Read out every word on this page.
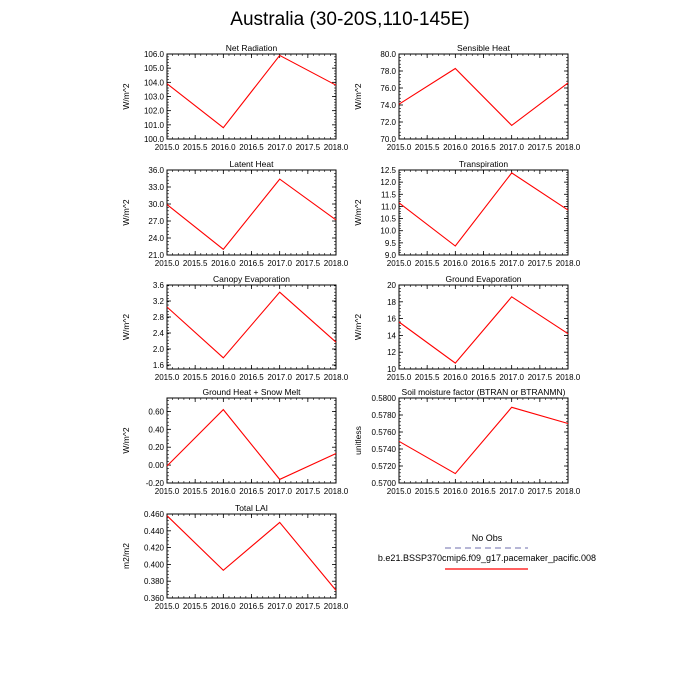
Australia (30-20S,110-145E)
Net Radiation
W/m^2
2015.0 2015.5 2016.0 2016.5 2017.0 2017.5 2018.0
100.0
101.0
102.0
103.0
104.0
105.0
106.0
Sensible Heat
W/m^2
2015.0 2015.5 2016.0 2016.5 2017.0 2017.5 2018.0
70.0
72.0
74.0
76.0
78.0
80.0
Latent Heat
W/m^2
2015.0 2015.5 2016.0 2016.5 2017.0 2017.5 2018.0
21.0
24.0
27.0
30.0
33.0
36.0
Transpiration
W/m^2
2015.0 2015.5 2016.0 2016.5 2017.0 2017.5 2018.0
9.0
9.5
10.0
10.5
11.0
11.5
12.0
12.5
Canopy Evaporation
W/m^2
2015.0 2015.5 2016.0 2016.5 2017.0 2017.5 2018.0
1.6
2.0
2.4
2.8
3.2
3.6
Ground Evaporation
W/m^2
2015.0 2015.5 2016.0 2016.5 2017.0 2017.5 2018.0
10
12
14
16
18
20
Ground Heat + Snow Melt
W/m^2
2015.0 2015.5 2016.0 2016.5 2017.0 2017.5 2018.0
-0.20
0.00
0.20
0.40
0.60
Soil moisture factor (BTRAN or BTRANMN)
unitless
2015.0 2015.5 2016.0 2016.5 2017.0 2017.5 2018.0
0.5700
0.5720
0.5740
0.5760
0.5780
0.5800
Total LAI
m2/m2
2015.0 2015.5 2016.0 2016.5 2017.0 2017.5 2018.0
0.360
0.380
0.400
0.420
0.440
0.460
No Obs
b.e21.BSSP370cmip6.f09_g17.pacemaker_pacific.008
